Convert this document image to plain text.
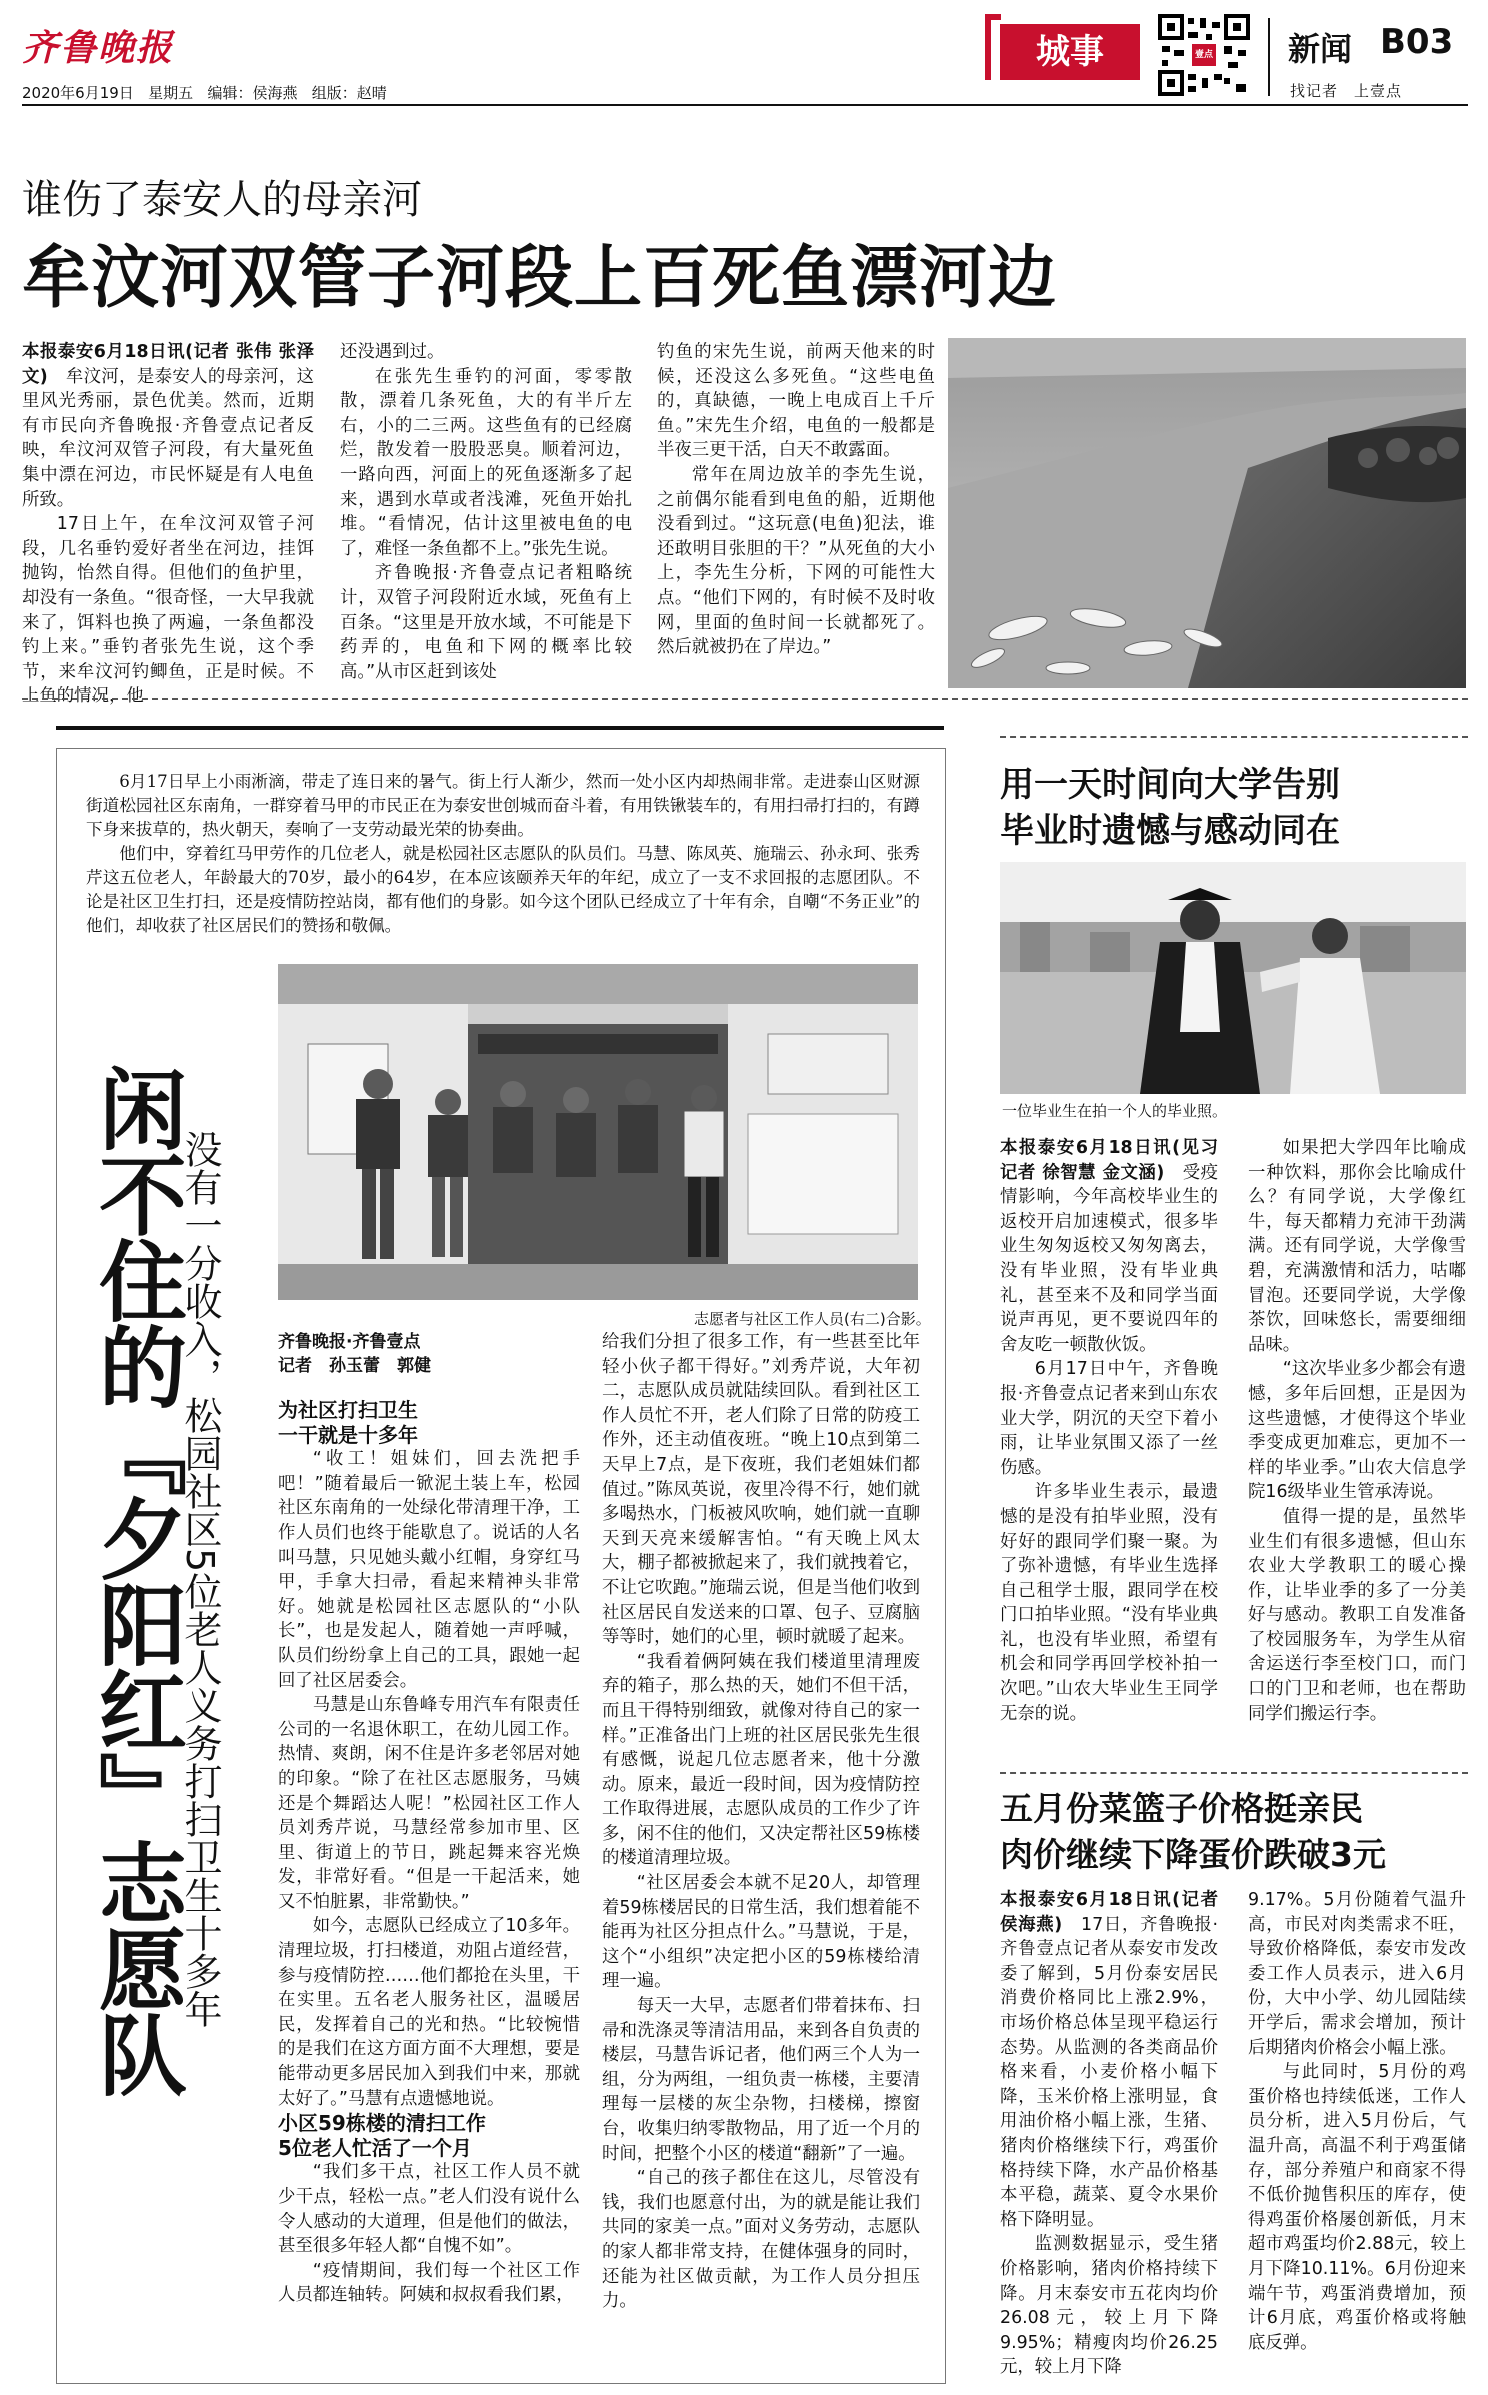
齐鲁晚报
2020年6月19日 星期五 编辑：侯海燕 组版：赵晴
城事	壹点 新闻 B03
找记者　上壹点
谁伤了泰安人的母亲河
牟汶河双管子河段上百死鱼漂河边

本报泰安6月18日讯(记者 张伟 张泽文)　 牟汶河，是泰安人的母亲河，这里风光秀丽，景色优美。然而，近期有市民向齐鲁晚报·齐鲁壹点记者反映，牟汶河双管子河段，有大量死鱼集中漂在河边，市民怀疑是有人电鱼所致。

17日上午，在牟汶河双管子河段，几名垂钓爱好者坐在河边，挂饵抛钩，怡然自得。但他们的鱼护里，却没有一条鱼。“很奇怪，一大早我就来了，饵料也换了两遍，一条鱼都没钓上来。”垂钓者张先生说，这个季节，来牟汶河钓鲫鱼，正是时候。不上鱼的情况，他

还没遇到过。

在张先生垂钓的河面，零零散散，漂着几条死鱼，大的有半斤左右，小的二三两。这些鱼有的已经腐烂，散发着一股股恶臭。顺着河边，一路向西，河面上的死鱼逐渐多了起来，遇到水草或者浅滩，死鱼开始扎堆。“看情况，估计这里被电鱼的电了，难怪一条鱼都不上。”张先生说。

齐鲁晚报·齐鲁壹点记者粗略统计，双管子河段附近水域，死鱼有上百条。“这里是开放水域，不可能是下药弄的，电鱼和下网的概率比较高。”从市区赶到该处

钓鱼的宋先生说，前两天他来的时候，还没这么多死鱼。“这些电鱼的，真缺德，一晚上电成百上千斤鱼。”宋先生介绍，电鱼的一般都是半夜三更干活，白天不敢露面。

常年在周边放羊的李先生说，之前偶尔能看到电鱼的船，近期他没看到过。“这玩意(电鱼)犯法，谁还敢明目张胆的干？”从死鱼的大小上，李先生分析，下网的可能性大点。“他们下网的，有时候不及时收网，里面的鱼时间一长就都死了。然后就被扔在了岸边。”

6月17日早上小雨淅滴，带走了连日来的暑气。街上行人渐少，然而一处小区内却热闹非常。走进泰山区财源街道松园社区东南角，一群穿着马甲的市民正在为泰安世创城而奋斗着，有用铁锹装车的，有用扫帚打扫的，有蹲下身来拔草的，热火朝天，奏响了一支劳动最光荣的协奏曲。

他们中，穿着红马甲劳作的几位老人，就是松园社区志愿队的队员们。马慧、陈凤英、施瑞云、孙永珂、张秀芹这五位老人，年龄最大的70岁，最小的64岁，在本应该颐养天年的年纪，成立了一支不求回报的志愿团队。不论是社区卫生打扫，还是疫情防控站岗，都有他们的身影。如今这个团队已经成立了十年有余，自嘲“不务正业”的他们，却收获了社区居民们的赞扬和敬佩。

闲不住的『夕阳红』志愿队
没有一分收入，松园社区5位老人义务打扫卫生十多年	志愿者与社区工作人员(右二)合影。
齐鲁晚报·齐鲁壹点
记者　孙玉蕾　郭健

为社区打扫卫生

一干就是十多年

“收工！姐妹们，回去洗把手吧！”随着最后一锨泥土装上车，松园社区东南角的一处绿化带清理干净，工作人员们也终于能歇息了。说话的人名叫马慧，只见她头戴小红帽，身穿红马甲，手拿大扫帚，看起来精神头非常好。她就是松园社区志愿队的“小队长”，也是发起人，随着她一声呼喊，队员们纷纷拿上自己的工具，跟她一起回了社区居委会。

马慧是山东鲁峰专用汽车有限责任公司的一名退休职工，在幼儿园工作。热情、爽朗，闲不住是许多老邻居对她的印象。“除了在社区志愿服务，马姨还是个舞蹈达人呢！”松园社区工作人员刘秀芹说，马慧经常参加市里、区里、街道上的节日，跳起舞来容光焕发，非常好看。“但是一干起活来，她又不怕脏累，非常勤快。”

如今，志愿队已经成立了10多年。清理垃圾，打扫楼道，劝阻占道经营，参与疫情防控……他们都抢在头里，干在实里。五名老人服务社区，温暖居民，发挥着自己的光和热。“比较惋惜的是我们在这方面方面不大理想，要是能带动更多居民加入到我们中来，那就太好了。”马慧有点遗憾地说。

小区59栋楼的清扫工作

5位老人忙活了一个月

“我们多干点，社区工作人员不就少干点，轻松一点。”老人们没有说什么令人感动的大道理，但是他们的做法，甚至很多年轻人都“自愧不如”。

“疫情期间，我们每一个社区工作人员都连轴转。阿姨和叔叔看我们累，

给我们分担了很多工作，有一些甚至比年轻小伙子都干得好。”刘秀芹说，大年初二，志愿队成员就陆续回队。看到社区工作人员忙不开，老人们除了日常的防疫工作外，还主动值夜班。“晚上10点到第二天早上7点，是下夜班，我们老姐妹们都值过。”陈凤英说，夜里冷得不行，她们就多喝热水，门板被风吹响，她们就一直聊天到天亮来缓解害怕。“有天晚上风太大，棚子都被掀起来了，我们就拽着它，不让它吹跑。”施瑞云说，但是当他们收到社区居民自发送来的口罩、包子、豆腐脑等等时，她们的心里，顿时就暖了起来。

“我看着俩阿姨在我们楼道里清理废弃的箱子，那么热的天，她们不但干活，而且干得特别细致，就像对待自己的家一样。”正准备出门上班的社区居民张先生很有感慨，说起几位志愿者来，他十分激动。原来，最近一段时间，因为疫情防控工作取得进展，志愿队成员的工作少了许多，闲不住的他们，又决定帮社区59栋楼的楼道清理垃圾。

“社区居委会本就不足20人，却管理着59栋楼居民的日常生活，我们想着能不能再为社区分担点什么。”马慧说，于是，这个“小组织”决定把小区的59栋楼给清理一遍。

每天一大早，志愿者们带着抹布、扫帚和洗涤灵等清洁用品，来到各自负责的楼层，马慧告诉记者，他们两三个人为一组，分为两组，一组负责一栋楼，主要清理每一层楼的灰尘杂物，扫楼梯，擦窗台，收集归纳零散物品，用了近一个月的时间，把整个小区的楼道“翻新”了一遍。

“自己的孩子都住在这儿，尽管没有钱，我们也愿意付出，为的就是能让我们共同的家美一点。”面对义务劳动，志愿队的家人都非常支持，在健体强身的同时，还能为社区做贡献，为工作人员分担压力。

用一天时间向大学告别
毕业时遗憾与感动同在
一位毕业生在拍一个人的毕业照。

本报泰安6月18日讯(见习记者 徐智慧 金文涵)　 受疫情影响，今年高校毕业生的返校开启加速模式，很多毕业生匆匆返校又匆匆离去，没有毕业照，没有毕业典礼，甚至来不及和同学当面说声再见，更不要说四年的舍友吃一顿散伙饭。

6月17日中午，齐鲁晚报·齐鲁壹点记者来到山东农业大学，阴沉的天空下着小雨，让毕业氛围又添了一丝伤感。

许多毕业生表示，最遗憾的是没有拍毕业照，没有好好的跟同学们聚一聚。为了弥补遗憾，有毕业生选择自己租学士服，跟同学在校门口拍毕业照。“没有毕业典礼，也没有毕业照，希望有机会和同学再回学校补拍一次吧。”山农大毕业生王同学无奈的说。

如果把大学四年比喻成一种饮料，那你会比喻成什么？有同学说，大学像红牛，每天都精力充沛干劲满满。还有同学说，大学像雪碧，充满激情和活力，咕嘟冒泡。还要同学说，大学像茶饮，回味悠长，需要细细品味。

“这次毕业多少都会有遗憾，多年后回想，正是因为这些遗憾，才使得这个毕业季变成更加难忘，更加不一样的毕业季。”山农大信息学院16级毕业生管承涛说。

值得一提的是，虽然毕业生们有很多遗憾，但山东农业大学教职工的暖心操作，让毕业季的多了一分美好与感动。教职工自发准备了校园服务车，为学生从宿舍运送行李至校门口，而门口的门卫和老师，也在帮助同学们搬运行李。

五月份菜篮子价格挺亲民
肉价继续下降蛋价跌破3元

本报泰安6月18日讯(记者 侯海燕)　 17日，齐鲁晚报·齐鲁壹点记者从泰安市发改委了解到，5月份泰安居民消费价格同比上涨2.9%，市场价格总体呈现平稳运行态势。从监测的各类商品价格来看，小麦价格小幅下降，玉米价格上涨明显，食用油价格小幅上涨，生猪、猪肉价格继续下行，鸡蛋价格持续下降，水产品价格基本平稳，蔬菜、夏令水果价格下降明显。

监测数据显示，受生猪价格影响，猪肉价格持续下降。月末泰安市五花肉均价26.08元，较上月下降9.95%；精瘦肉均价26.25元，较上月下降

9.17%。5月份随着气温升高，市民对肉类需求不旺，导致价格降低，泰安市发改委工作人员表示，进入6月份，大中小学、幼儿园陆续开学后，需求会增加，预计后期猪肉价格会小幅上涨。

与此同时，5月份的鸡蛋价格也持续低迷，工作人员分析，进入5月份后，气温升高，高温不利于鸡蛋储存，部分养殖户和商家不得不低价抛售积压的库存，使得鸡蛋价格屡创新低，月末超市鸡蛋均价2.88元，较上月下降10.11%。6月份迎来端午节，鸡蛋消费增加，预计6月底，鸡蛋价格或将触底反弹。
